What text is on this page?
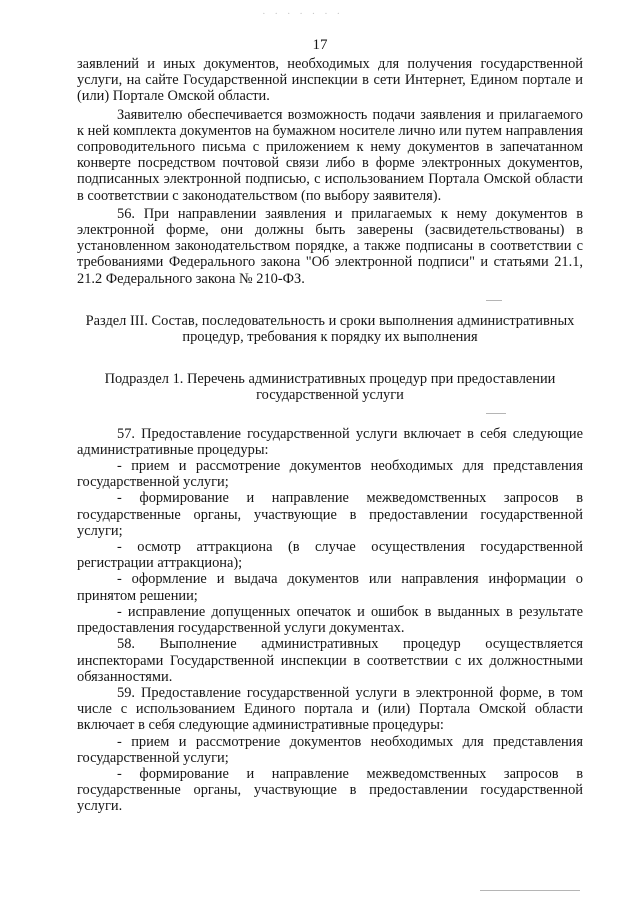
· · · · · · ·
17

заявлений и иных документов, необходимых для получения государственной услуги, на сайте Государственной инспекции в сети Интернет, Едином портале и (или) Портале Омской области.

Заявителю обеспечивается возможность подачи заявления и прилагаемого к ней комплекта документов на бумажном носителе лично или путем направления сопроводительного письма с приложением к нему документов в запечатанном конверте посредством почтовой связи либо в форме электронных документов, подписанных электронной подписью, с использованием Портала Омской области в соответствии с законодательством (по выбору заявителя).

56. При направлении заявления и прилагаемых к нему документов в электронной форме, они должны быть заверены (засвидетельствованы) в установленном законодательством порядке, а также подписаны в соответствии с требованиями Федерального закона "Об электронной подписи" и статьями 21.1, 21.2 Федерального закона № 210-ФЗ.

Раздел III. Состав, последовательность и сроки выполнения административных процедур, требования к порядку их выполнения

Подраздел 1. Перечень административных процедур при предоставлении государственной услуги

57. Предоставление государственной услуги включает в себя следующие административные процедуры:

- прием и рассмотрение документов необходимых для представления государственной услуги;

- формирование и направление межведомственных запросов в государственные органы, участвующие в предоставлении государственной услуги;

- осмотр аттракциона (в случае осуществления государственной регистрации аттракциона);

- оформление и выдача документов или направления информации о принятом решении;

- исправление допущенных опечаток и ошибок в выданных в результате предоставления государственной услуги документах.

58. Выполнение административных процедур осуществляется инспекторами Государственной инспекции в соответствии с их должностными обязанностями.

59. Предоставление государственной услуги в электронной форме, в том числе с использованием Единого портала и (или) Портала Омской области включает в себя следующие административные процедуры:

- прием и рассмотрение документов необходимых для представления государственной услуги;

- формирование и направление межведомственных запросов в государственные органы, участвующие в предоставлении государственной услуги.
